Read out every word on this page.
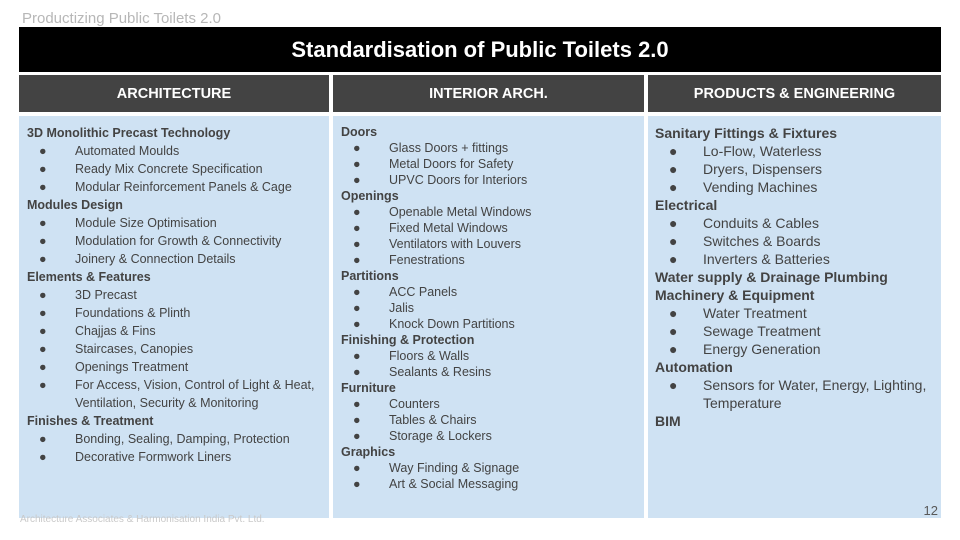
Productizing Public Toilets 2.0
Standardisation of Public Toilets 2.0
ARCHITECTURE	INTERIOR ARCH.	PRODUCTS & ENGINEERING
3D Monolithic Precast Technology
●	Automated Moulds
●	Ready Mix Concrete Specification
●	Modular Reinforcement Panels & Cage
Modules Design
●	Module Size Optimisation
●	Modulation for Growth & Connectivity
●	Joinery & Connection Details
Elements & Features
●	3D Precast
●	Foundations & Plinth
●	Chajjas & Fins
●	Staircases, Canopies
●	Openings Treatment
●	For Access, Vision, Control of Light & Heat, Ventilation, Security & Monitoring
Finishes & Treatment
●	Bonding, Sealing, Damping, Protection
●	Decorative Formwork Liners
Doors
●	Glass Doors + fittings
●	Metal Doors for Safety
●	UPVC Doors for Interiors
Openings
●	Openable Metal Windows
●	Fixed Metal Windows
●	Ventilators with Louvers
●	Fenestrations
Partitions
●	ACC Panels
●	Jalis
●	Knock Down Partitions
Finishing & Protection
●	Floors & Walls
●	Sealants & Resins
Furniture
●	Counters
●	Tables & Chairs
●	Storage & Lockers
Graphics
●	Way Finding & Signage
●	Art & Social Messaging
Sanitary Fittings & Fixtures
●	Lo-Flow, Waterless
●	Dryers, Dispensers
●	Vending Machines
Electrical
●	Conduits & Cables
●	Switches & Boards
●	Inverters & Batteries
Water supply & Drainage Plumbing
Machinery & Equipment
●	Water Treatment
●	Sewage Treatment
●	Energy Generation
Automation
●	Sensors for Water, Energy, Lighting, Temperature
BIM
Architecture Associates & Harmonisation India Pvt. Ltd.
12
